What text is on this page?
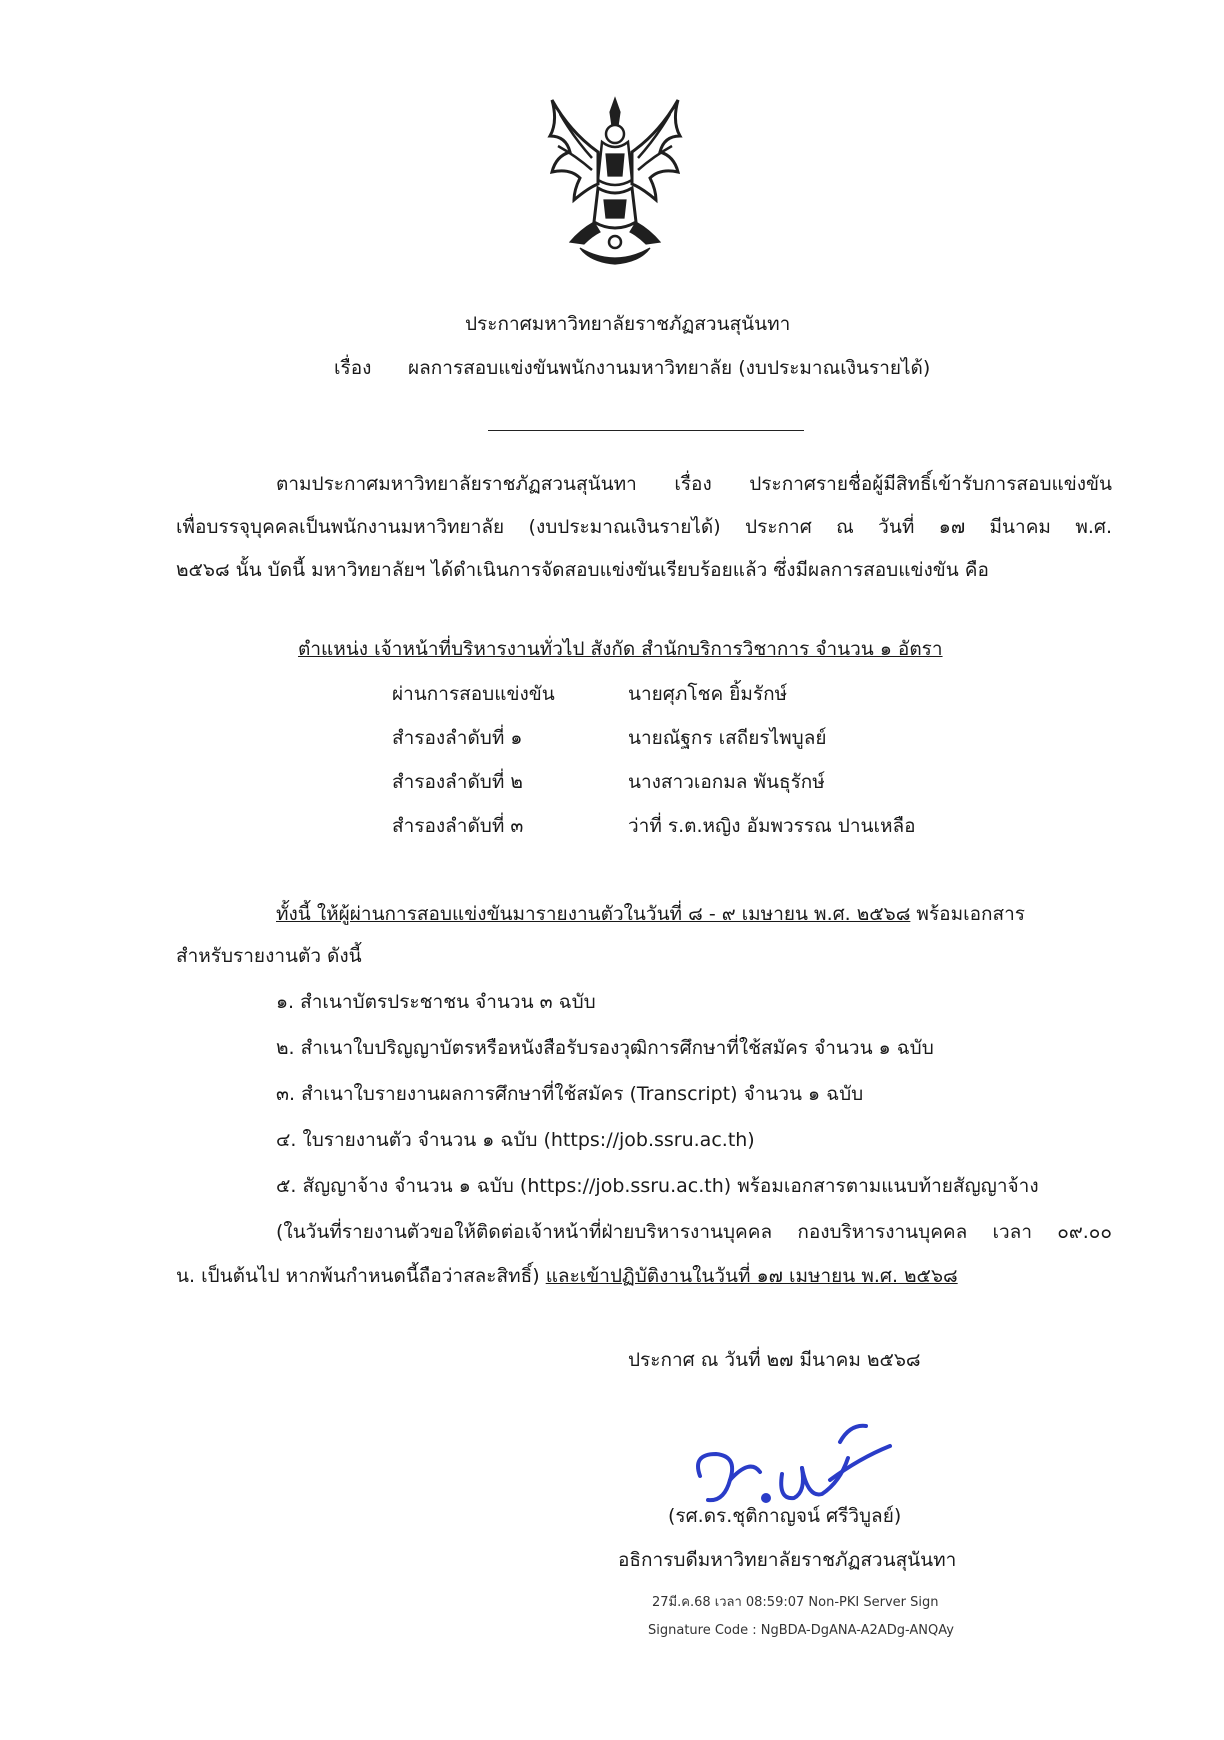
ประกาศมหาวิทยาลัยราชภัฏสวนสุนันทา
เรื่อง ผลการสอบแข่งขันพนักงานมหาวิทยาลัย (งบประมาณเงินรายได้)
ตามประกาศมหาวิทยาลัยราชภัฏสวนสุนันทา เรื่อง ประกาศรายชื่อผู้มีสิทธิ์เข้ารับการสอบแข่งขัน
เพื่อบรรจุบุคคลเป็นพนักงานมหาวิทยาลัย (งบประมาณเงินรายได้) ประกาศ ณ วันที่ ๑๗ มีนาคม พ.ศ.
๒๕๖๘ นั้น บัดนี้ มหาวิทยาลัยฯ ได้ดำเนินการจัดสอบแข่งขันเรียบร้อยแล้ว ซึ่งมีผลการสอบแข่งขัน คือ
ตำแหน่ง เจ้าหน้าที่บริหารงานทั่วไป สังกัด สำนักบริการวิชาการ จำนวน ๑ อัตรา
ผ่านการสอบแข่งขัน	นายศุภโชค ยิ้มรักษ์
สำรองลำดับที่ ๑	นายณัฐกร เสถียรไพบูลย์
สำรองลำดับที่ ๒	นางสาวเอกมล พันธุรักษ์
สำรองลำดับที่ ๓	ว่าที่ ร.ต.หญิง อัมพวรรณ ปานเหลือ
ทั้งนี้ ให้ผู้ผ่านการสอบแข่งขันมารายงานตัวในวันที่ ๘ - ๙ เมษายน พ.ศ. ๒๕๖๘ พร้อมเอกสาร
สำหรับรายงานตัว ดังนี้
๑. สำเนาบัตรประชาชน จำนวน ๓ ฉบับ
๒. สำเนาใบปริญญาบัตรหรือหนังสือรับรองวุฒิการศึกษาที่ใช้สมัคร จำนวน ๑ ฉบับ
๓. สำเนาใบรายงานผลการศึกษาที่ใช้สมัคร (Transcript) จำนวน ๑ ฉบับ
๔. ใบรายงานตัว จำนวน ๑ ฉบับ (https://job.ssru.ac.th)
๕. สัญญาจ้าง จำนวน ๑ ฉบับ (https://job.ssru.ac.th) พร้อมเอกสารตามแนบท้ายสัญญาจ้าง
(ในวันที่รายงานตัวขอให้ติดต่อเจ้าหน้าที่ฝ่ายบริหารงานบุคคล กองบริหารงานบุคคล เวลา ๐๙.๐๐
น. เป็นต้นไป หากพ้นกำหนดนี้ถือว่าสละสิทธิ์) และเข้าปฏิบัติงานในวันที่ ๑๗ เมษายน พ.ศ. ๒๕๖๘
ประกาศ ณ วันที่ ๒๗ มีนาคม ๒๕๖๘
(รศ.ดร.ชุติกาญจน์ ศรีวิบูลย์)
อธิการบดีมหาวิทยาลัยราชภัฏสวนสุนันทา
27มี.ค.68 เวลา 08:59:07 Non-PKI Server Sign
Signature Code : NgBDA-DgANA-A2ADg-ANQAy
